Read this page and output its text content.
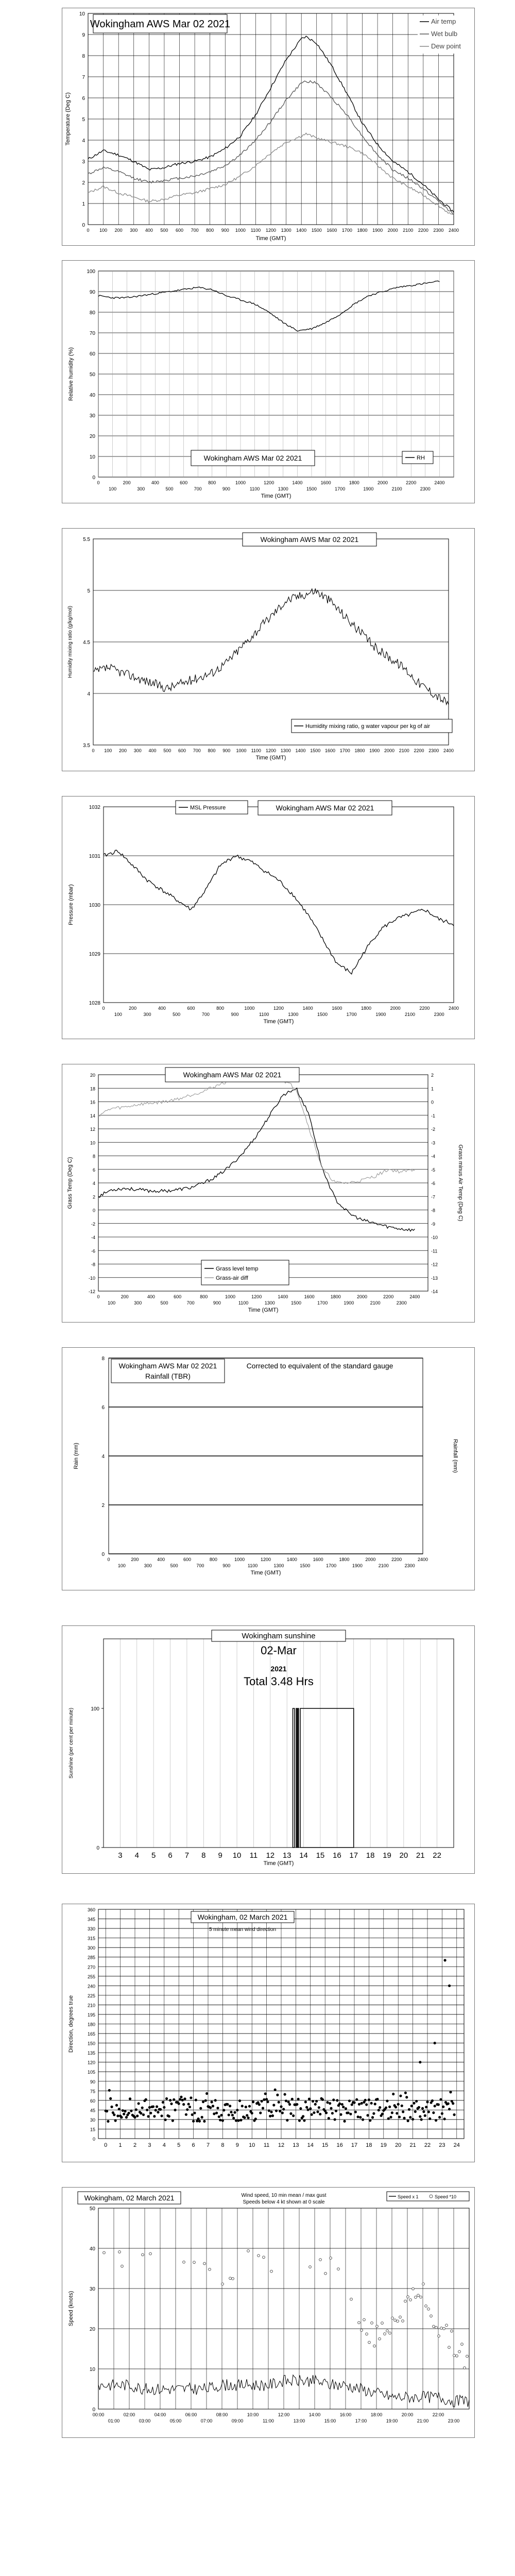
0
1
2
3
4
5
6
7
8
9
10
0 100 200 300 400 500 600 700 800 900 1000 1100 1200 1300 1400 1500 1600 1700 1800 1900 2000 2100 2200 2300 2400
Time (GMT)
Temperature (Deg C)
Wokingham AWS Mar 02 2021	Air temp
Wet bulb
Dew point
0
10
20
30
40
50
60
70
80
90
100
0	200	400	600	800	1000	1200	1400	1600	1800	2000	2200	2400
100	300	500	700	900	1100	1300	1500	1700	1900	2100	2300
Time (GMT)
Relative humidity (%)
Wokingham AWS Mar 02 2021	RH
3.5
4
4.5
5
5.5
0 100 200 300 400 500 600 700 800 900 1000 1100 1200 1300 1400 1500 1600 1700 1800 1900 2000 2100 2200 2300 2400
Time (GMT)
Humidity mixing ratio (g/kg/mol)
Wokingham AWS Mar 02 2021
Humidity mixing ratio, g water vapour per kg of air
1028
1029
1030
1031
1032
0	200	400	600	800	1000	1200	1400	1600	1800	2000	2200	2400
100	300	500	700	900	1100	1300	1500	1700	1900	2100	2300
Time (GMT)
Pressure (mbar)
MSL Pressure	Wokingham AWS Mar 02 2021
-12
-10
-8
-6
-4
-2
0
2
4
6
8
10
12
14
16
18
20
-14
-13
-12
-11
-10
-9
-8
-7
-6
-5
-4
-3
-2
-1
0
1
2
0	200	400	600	800	1000	1200	1400	1600	1800	2000	2200	2400
100	300	500	700	900	1100	1300	1500	1700	1900	2100	2300
Time (GMT)
Grass Temp (Deg C)	Grass minus Air Temp (Deg C)
Wokingham AWS Mar 02 2021
Grass level temp
Grass-air diff
0
2
4
6
8
0	200	400	600	800	1000	1200	1400	1600	1800	2000	2200	2400
100	300	500	700	900	1100	1300	1500	1700	1900	2100	2300
Time (GMT)
Rain (mm)	Rainfall (mm)
Wokingham AWS Mar 02 2021
Rainfall (TBR)
Corrected to equivalent of the standard gauge
0
100
3 4 5 6 7 8 9 10 11 12 13 14 15 16 17 18 19 20 21 22
Time (GMT)
Sunshine (per cent per minute)
Wokingham sunshine
02-Mar
2021
Total 3.48 Hrs
0
15
30
45
60
75
90
105
120
135
150
165
180
195
210
225
240
255
270
285
300
315
330
345
360
0 1 2 3 4 5 6 7 8 9 10 11 12 13 14 15 16 17 18 19 20 21 22 23 24
Direction, degrees true
Wokingham, 02 March 2021
5 minute mean wind direction
0
10
20
30
40
50
00:00	02:00	04:00	06:00	08:00	10:00	12:00	14:00	16:00	18:00	20:00	22:00
01:00	03:00	05:00	07:00	09:00	11:00	13:00	15:00	17:00	19:00	21:00	23:00
Speed (knots)
Wokingham, 02 March 2021	Wind speed, 10 min mean / max gust
Speeds below 4 kt shown at 0 scale
Speed x 1	Speed *10
